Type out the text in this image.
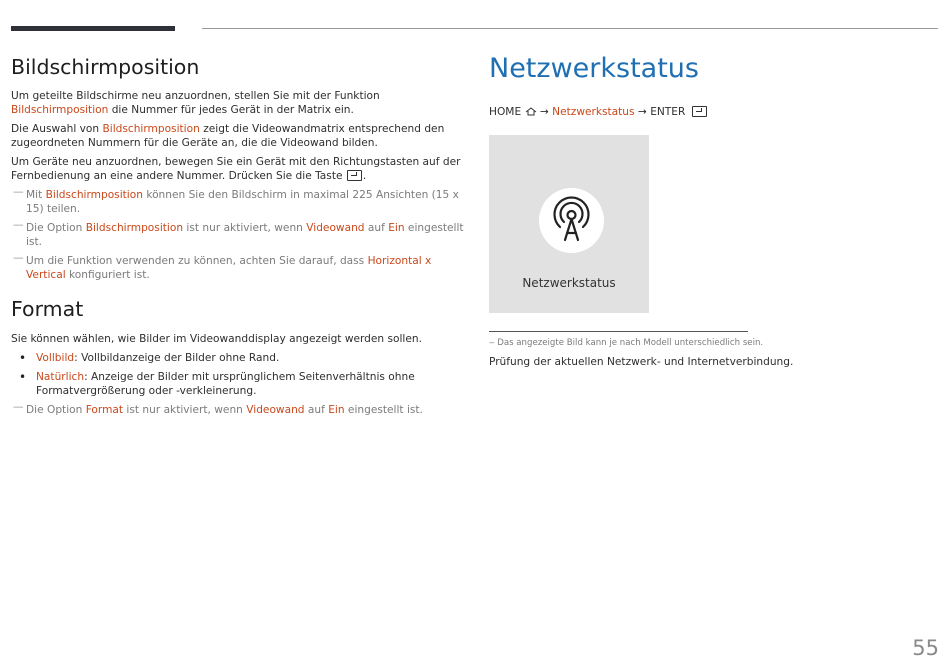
Bildschirmposition
Um geteilte Bildschirme neu anzuordnen, stellen Sie mit der Funktion Bildschirmposition die Nummer für jedes Gerät in der Matrix ein.
Die Auswahl von Bildschirmposition zeigt die Videowandmatrix entsprechend den zugeordneten Nummern für die Geräte an, die die Videowand bilden.
Um Geräte neu anzuordnen, bewegen Sie ein Gerät mit den Richtungstasten auf der Fernbedienung an eine andere Nummer. Drücken Sie die Taste .
— Mit Bildschirmposition können Sie den Bildschirm in maximal 225 Ansichten (15 x 15) teilen.
— Die Option Bildschirmposition ist nur aktiviert, wenn Videowand auf Ein eingestellt ist.
— Um die Funktion verwenden zu können, achten Sie darauf, dass Horizontal x Vertical konfiguriert ist.
Format
Sie können wählen, wie Bilder im Videowanddisplay angezeigt werden sollen.
• Vollbild: Vollbildanzeige der Bilder ohne Rand.
• Natürlich: Anzeige der Bilder mit ursprünglichem Seitenverhältnis ohne Formatvergrößerung oder -verkleinerung.
— Die Option Format ist nur aktiviert, wenn Videowand auf Ein eingestellt ist.
Netzwerkstatus
HOME → Netzwerkstatus → ENTER
Netzwerkstatus
‒ Das angezeigte Bild kann je nach Modell unterschiedlich sein.
Prüfung der aktuellen Netzwerk- und Internetverbindung.
55
